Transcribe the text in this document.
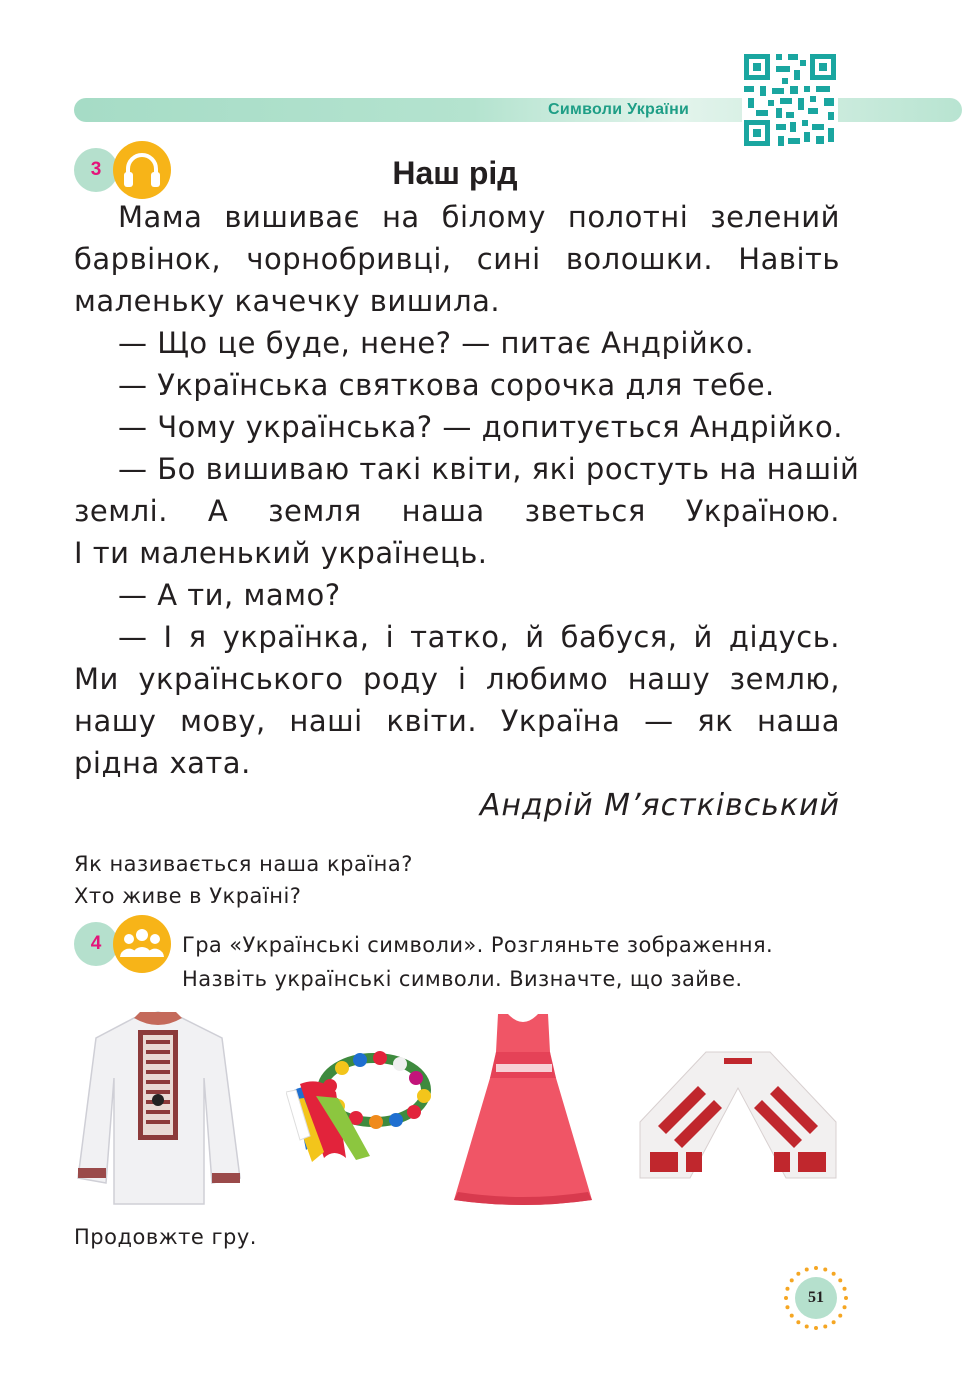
Символи України
3	Наш рід

Мама вишиває на білому полотні зелений

барвінок, чорнобривці, сині волошки. Навіть

маленьку качечку вишила.

— Що це буде, нене? — питає Андрійко.

— Українська святкова сорочка для тебе.

— Чому українська? — допитується Андрійко.

— Бо вишиваю такі квіти, які ростуть на нашій

землі. А земля наша зветься Україною.

І ти маленький українець.

— А ти, мамо?

— І я українка, і татко, й бабуся, й дідусь.

Ми українського роду і любимо нашу землю,

нашу мову, наші квіти. Україна — як наша

рідна хата.

Андрій М’ястківський
Як називається наша країна?
Хто живе в Україні?
4	Гра «Українські символи». Розгляньте зображення.
Назвіть українські символи. Визначте, що зайве.
Продовжте гру.
51
